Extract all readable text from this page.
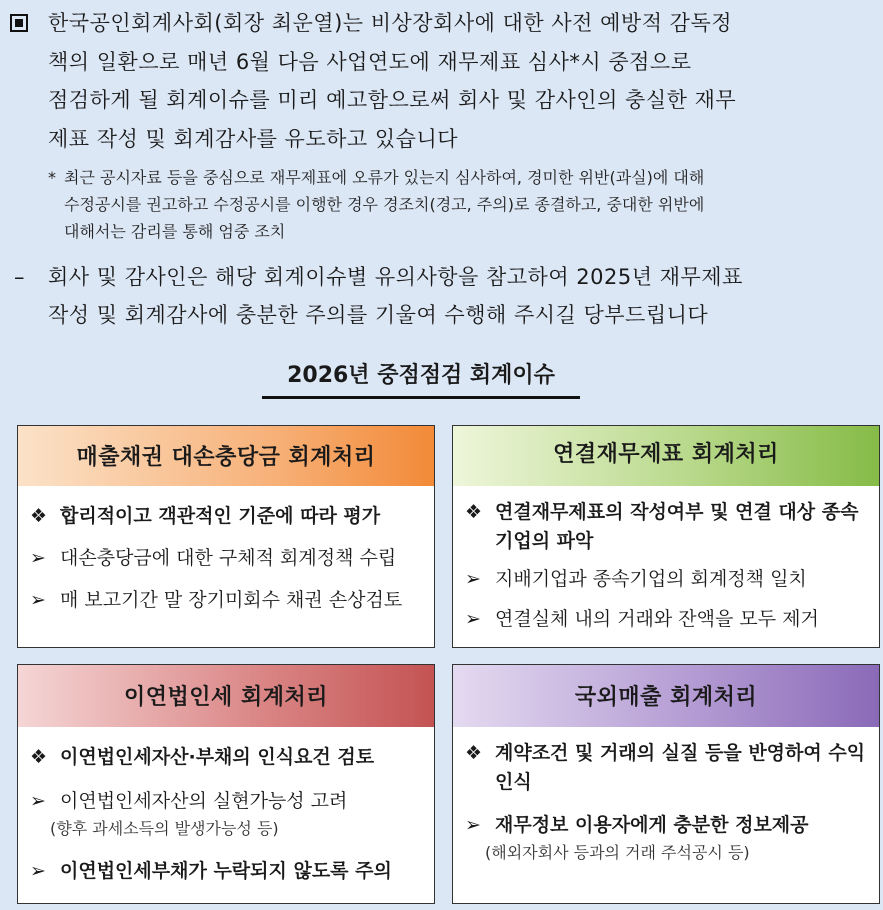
한국공인회계사회(회장 최운열)는 비상장회사에 대한 사전 예방적 감독정
책의 일환으로 매년 6월 다음 사업연도에 재무제표 심사*시 중점으로
점검하게 될 회계이슈를 미리 예고함으로써 회사 및 감사인의 충실한 재무
제표 작성 및 회계감사를 유도하고 있습니다
* 최근 공시자료 등을 중심으로 재무제표에 오류가 있는지 심사하여, 경미한 위반(과실)에 대해
수정공시를 권고하고 수정공시를 이행한 경우 경조치(경고, 주의)로 종결하고, 중대한 위반에
대해서는 감리를 통해 엄중 조치
– 회사 및 감사인은 해당 회계이슈별 유의사항을 참고하여 2025년 재무제표
작성 및 회계감사에 충분한 주의를 기울여 수행해 주시길 당부드립니다
2026년 중점점검 회계이슈
매출채권 대손충당금 회계처리
❖ 합리적이고 객관적인 기준에 따라 평가
➢ 대손충당금에 대한 구체적 회계정책 수립
➢ 매 보고기간 말 장기미회수 채권 손상검토
연결재무제표 회계처리
❖ 연결재무제표의 작성여부 및 연결 대상 종속기업의 파악
➢ 지배기업과 종속기업의 회계정책 일치
➢ 연결실체 내의 거래와 잔액을 모두 제거
이연법인세 회계처리
❖ 이연법인세자산·부채의 인식요건 검토
➢ 이연법인세자산의 실현가능성 고려
(향후 과세소득의 발생가능성 등)
➢ 이연법인세부채가 누락되지 않도록 주의
국외매출 회계처리
❖ 계약조건 및 거래의 실질 등을 반영하여 수익인식
➢ 재무정보 이용자에게 충분한 정보제공
(해외자회사 등과의 거래 주석공시 등)
